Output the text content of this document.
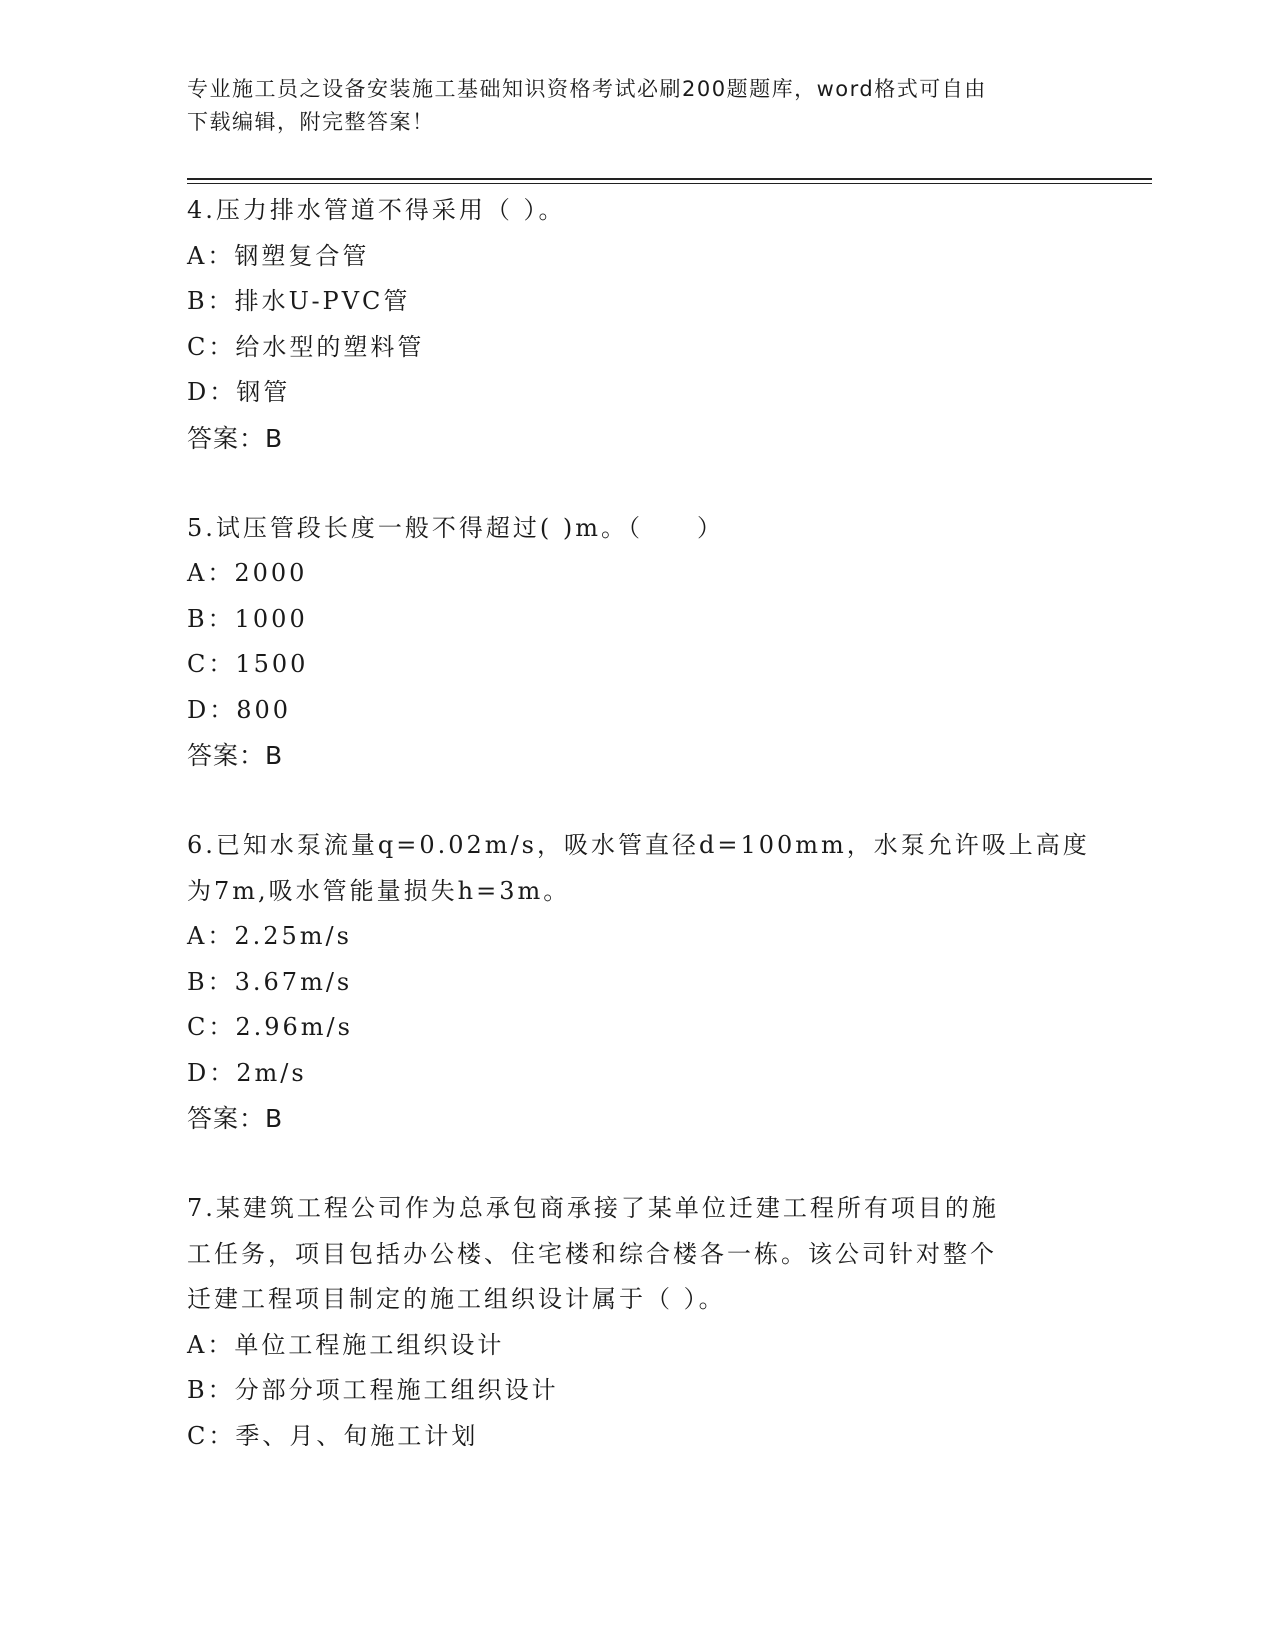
专业施工员之设备安装施工基础知识资格考试必刷200题题库，word格式可自由
下载编辑，附完整答案！
4.压力排水管道不得采用（ ）。
A：钢塑复合管
B：排水U-PVC管
C：给水型的塑料管
D：钢管
答案：B
5.试压管段长度一般不得超过( )m。（　　）
A：2000
B：1000
C：1500
D：800
答案：B
6.已知水泵流量q=0.02m/s，吸水管直径d=100mm，水泵允许吸上高度
为7m,吸水管能量损失h=3m。
A：2.25m/s
B：3.67m/s
C：2.96m/s
D：2m/s
答案：B
7.某建筑工程公司作为总承包商承接了某单位迁建工程所有项目的施
工任务，项目包括办公楼、住宅楼和综合楼各一栋。该公司针对整个
迁建工程项目制定的施工组织设计属于（ ）。
A：单位工程施工组织设计
B：分部分项工程施工组织设计
C：季、月、旬施工计划
